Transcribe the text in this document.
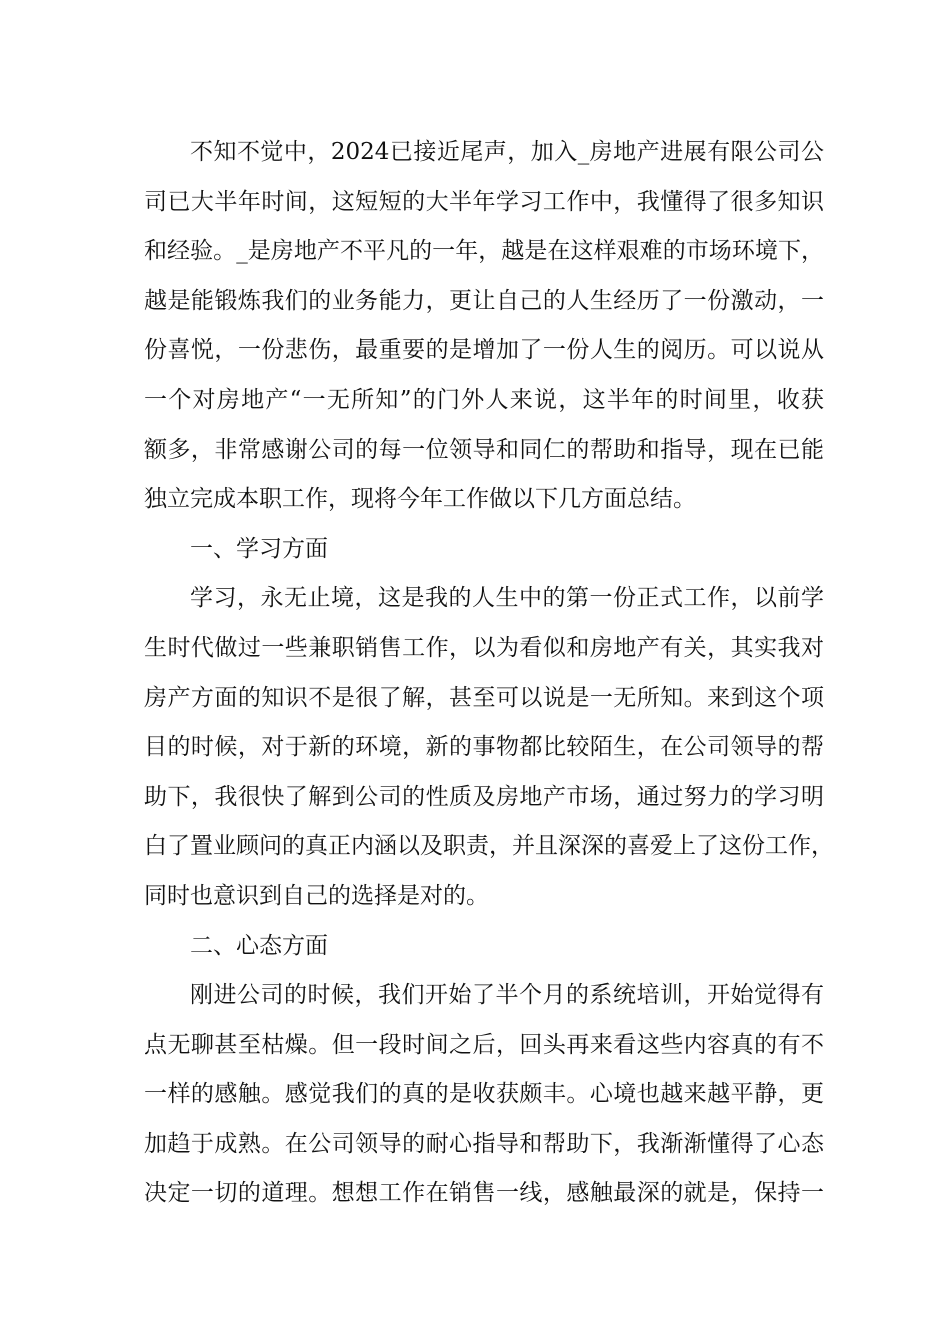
不知不觉中，2024已接近尾声，加入_房地产进展有限公司公
司已大半年时间，这短短的大半年学习工作中，我懂得了很多知识
和经验。_是房地产不平凡的一年，越是在这样艰难的市场环境下，
越是能锻炼我们的业务能力，更让自己的人生经历了一份激动，一
份喜悦，一份悲伤，最重要的是增加了一份人生的阅历。可以说从
一个对房地产“一无所知”的门外人来说，这半年的时间里，收获
额多，非常感谢公司的每一位领导和同仁的帮助和指导，现在已能
独立完成本职工作，现将今年工作做以下几方面总结。
一、学习方面
学习，永无止境，这是我的人生中的第一份正式工作，以前学
生时代做过一些兼职销售工作，以为看似和房地产有关，其实我对
房产方面的知识不是很了解，甚至可以说是一无所知。来到这个项
目的时候，对于新的环境，新的事物都比较陌生，在公司领导的帮
助下，我很快了解到公司的性质及房地产市场，通过努力的学习明
白了置业顾问的真正内涵以及职责，并且深深的喜爱上了这份工作，
同时也意识到自己的选择是对的。
二、心态方面
刚进公司的时候，我们开始了半个月的系统培训，开始觉得有
点无聊甚至枯燥。但一段时间之后，回头再来看这些内容真的有不
一样的感触。感觉我们的真的是收获颇丰。心境也越来越平静，更
加趋于成熟。在公司领导的耐心指导和帮助下，我渐渐懂得了心态
决定一切的道理。想想工作在销售一线，感触最深的就是，保持一
